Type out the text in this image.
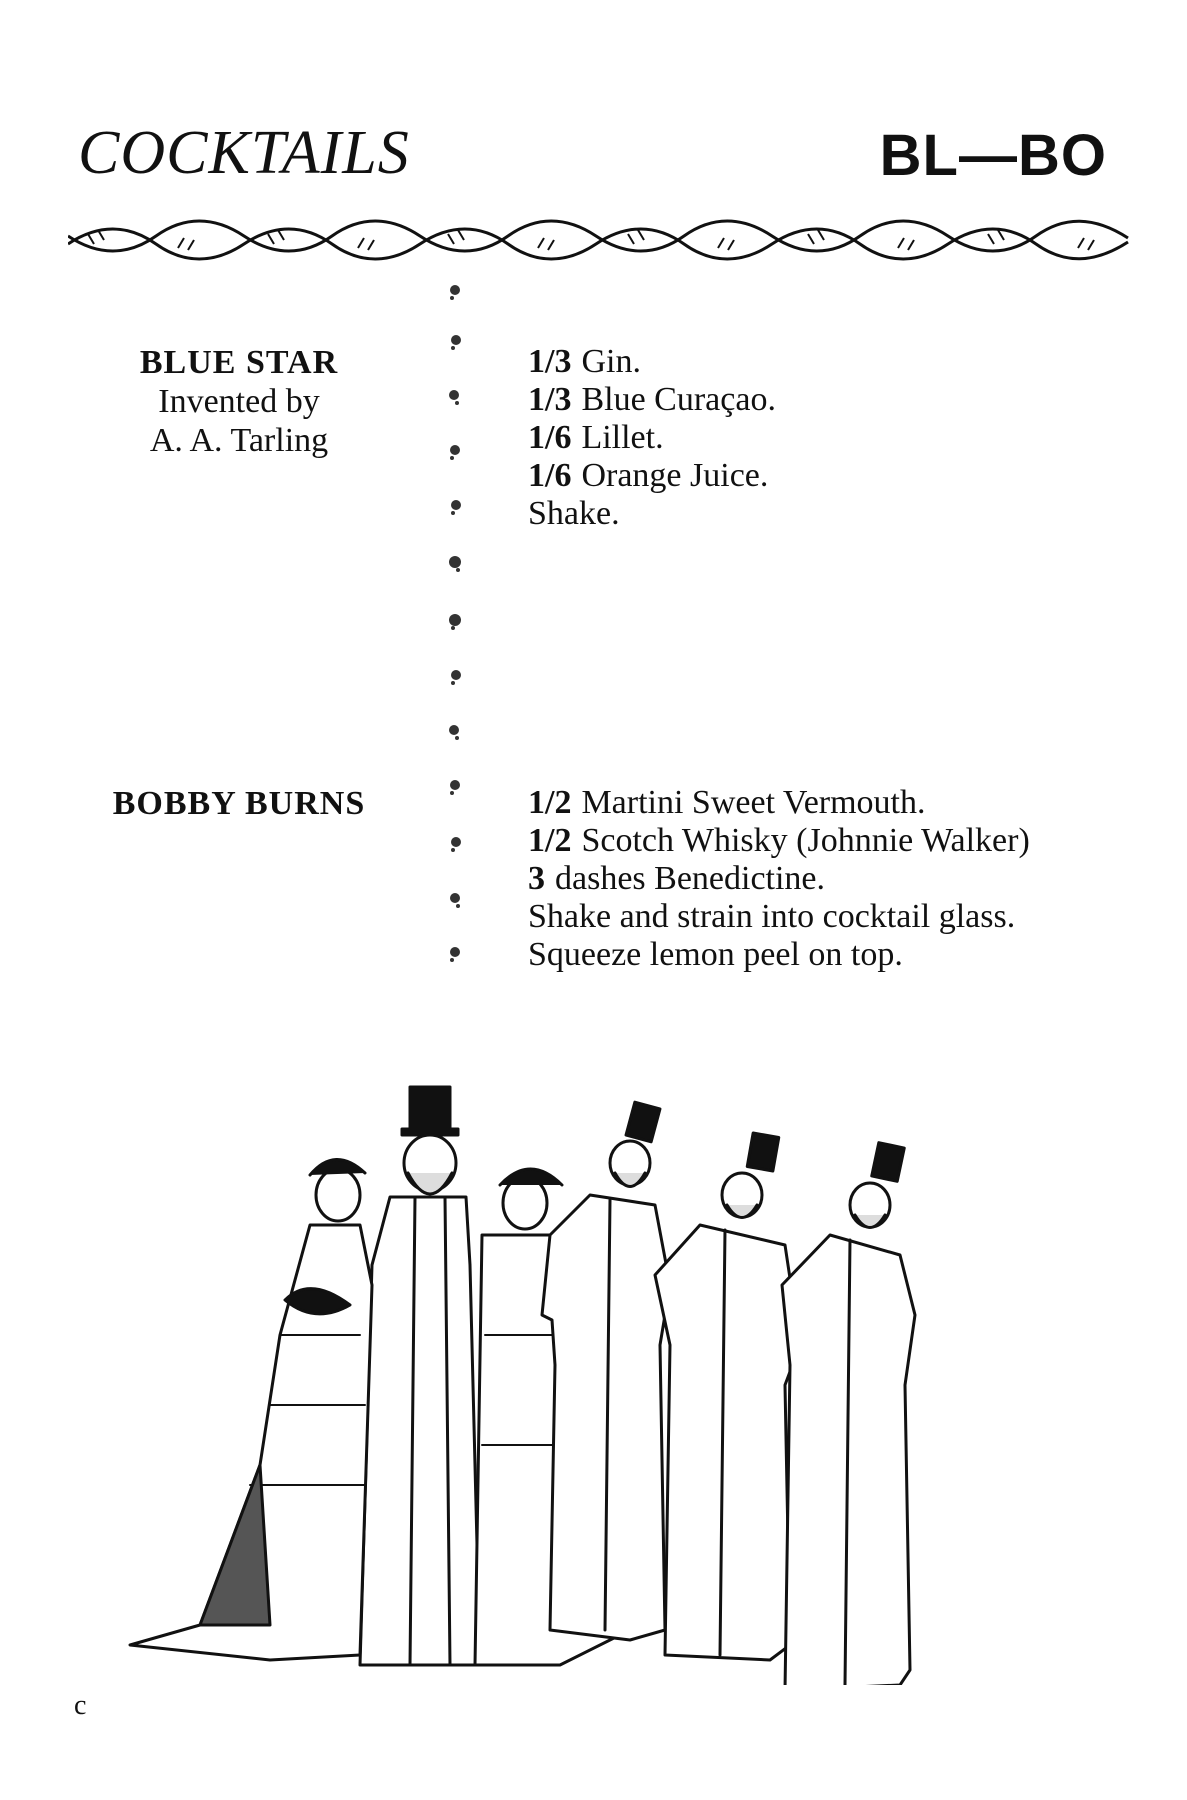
COCKTAILS	BL—BO
BLUE STAR
Invented by
A. A. Tarling
1/3 Gin.
1/3 Blue Curaçao.
1/6 Lillet.
1/6 Orange Juice.
Shake.
BOBBY BURNS	1/2 Martini Sweet Vermouth.
1/2 Scotch Whisky (Johnnie Walker)
3 dashes Benedictine.
Shake and strain into cocktail glass.
Squeeze lemon peel on top.
c
